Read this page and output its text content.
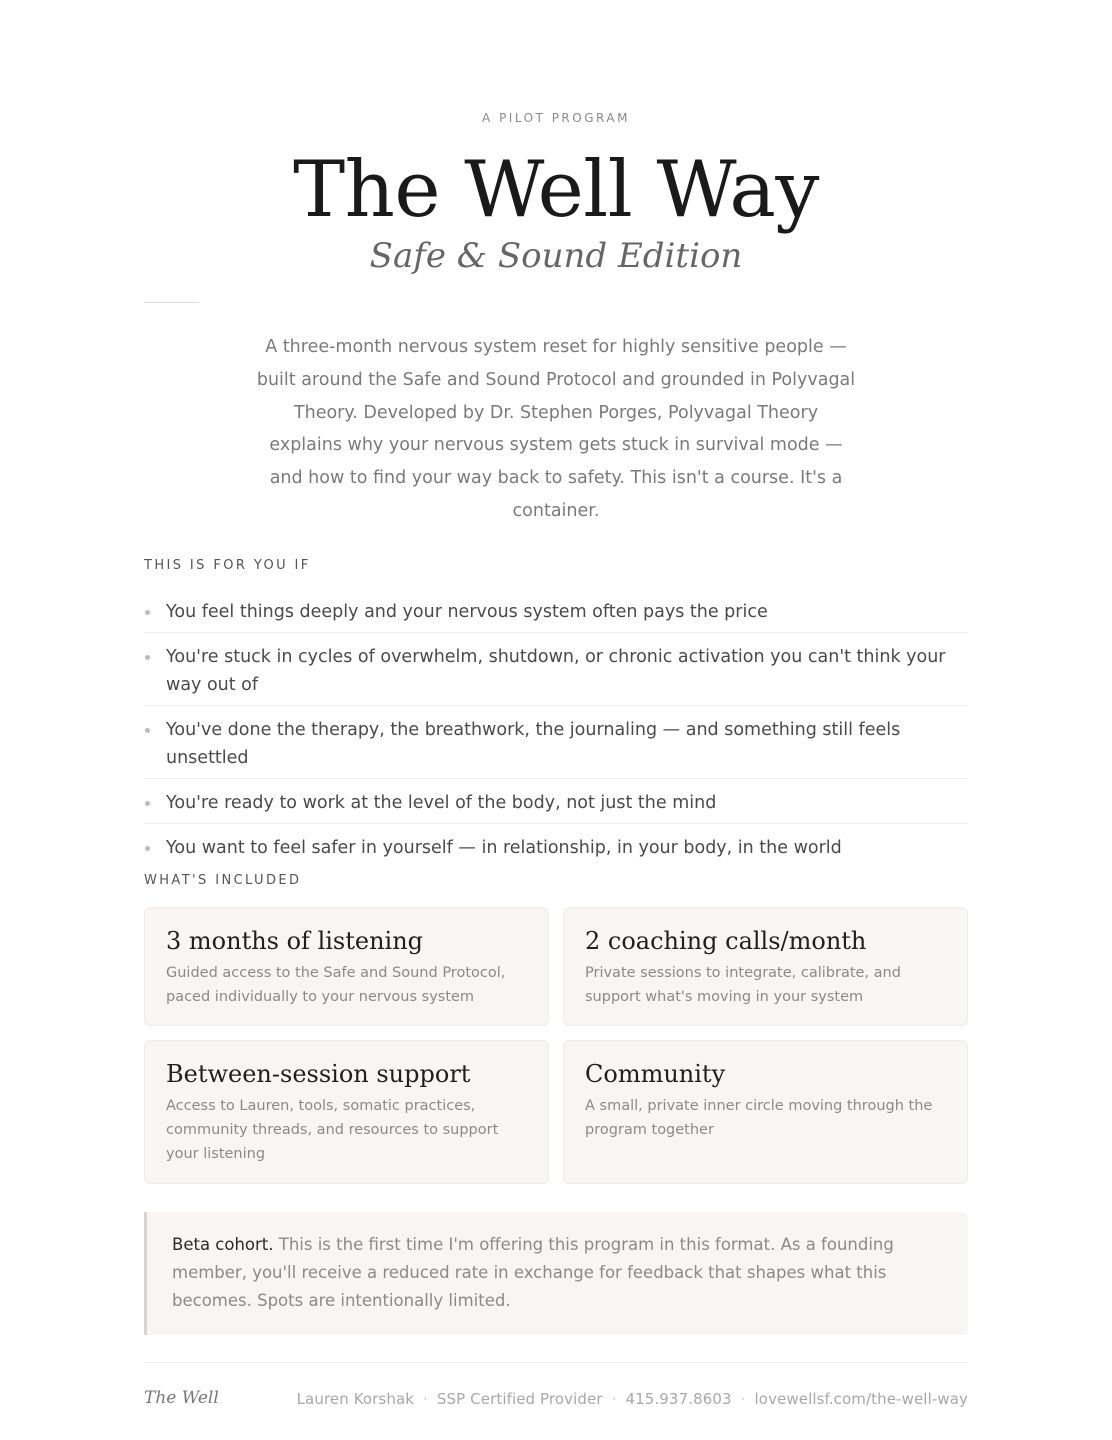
A PILOT PROGRAM
The Well Way
Safe & Sound Edition

A three-month nervous system reset for highly sensitive people — built around the Safe and Sound Protocol and grounded in Polyvagal Theory. Developed by Dr. Stephen Porges, Polyvagal Theory explains why your nervous system gets stuck in survival mode — and how to find your way back to safety. This isn't a course. It's a container.

THIS IS FOR YOU IF
You feel things deeply and your nervous system often pays the price
You're stuck in cycles of overwhelm, shutdown, or chronic activation you can't think your way out of
You've done the therapy, the breathwork, the journaling — and something still feels unsettled
You're ready to work at the level of the body, not just the mind
You want to feel safer in yourself — in relationship, in your body, in the world
WHAT'S INCLUDED
3 months of listening
Guided access to the Safe and Sound Protocol, paced individually to your nervous system
2 coaching calls/month
Private sessions to integrate, calibrate, and support what's moving in your system
Between-session support
Access to Lauren, tools, somatic practices, community threads, and resources to support your listening
Community
A small, private inner circle moving through the program together
Beta cohort. This is the first time I'm offering this program in this format. As a founding member, you'll receive a reduced rate in exchange for feedback that shapes what this becomes. Spots are intentionally limited.
The Well	Lauren Korshak · SSP Certified Provider · 415.937.8603 · lovewellsf.com/the-well-way
